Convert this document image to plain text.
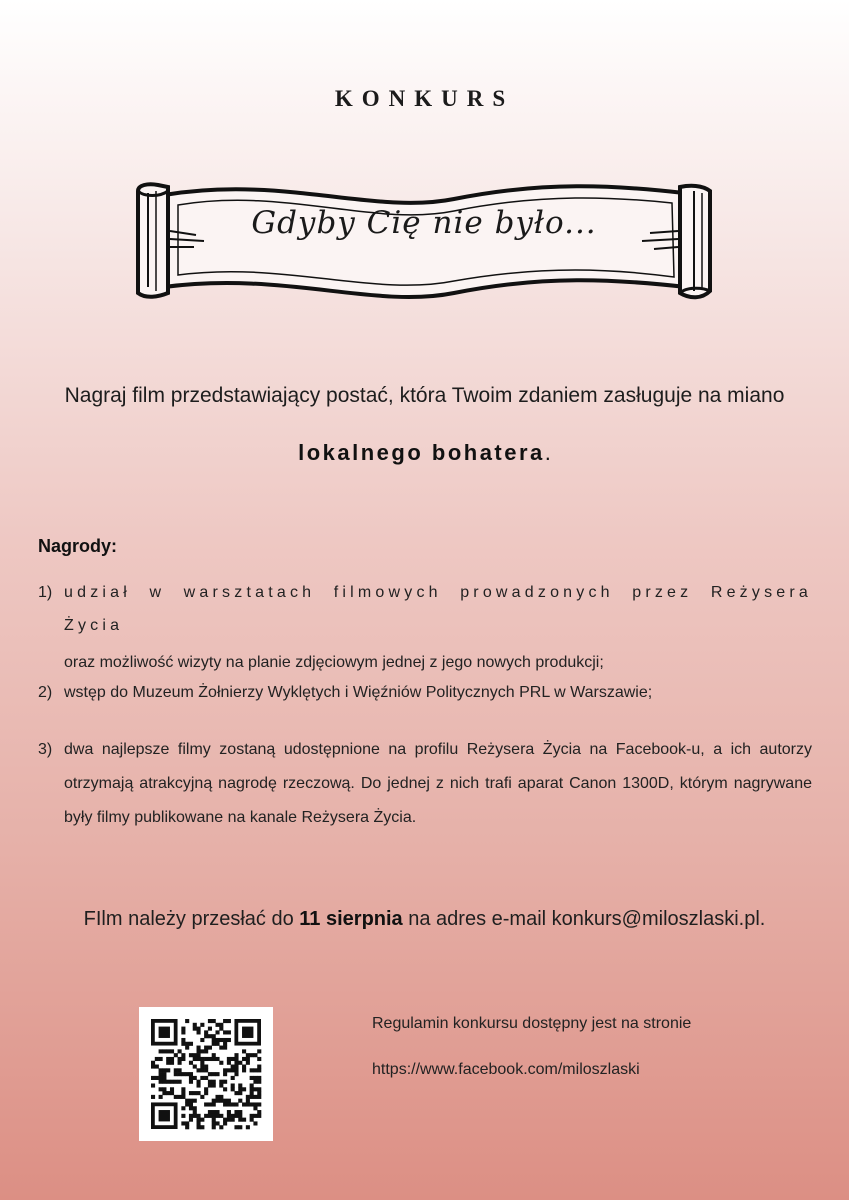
KONKURS
Gdyby Cię nie było...
Nagraj film przedstawiający postać, która Twoim zdaniem zasługuje na miano
lokalnego bohatera.
Nagrody:
1) udział w warsztatach filmowych prowadzonych przez Reżysera Życia
oraz możliwość wizyty na planie zdjęciowym jednej z jego nowych produkcji;
2) wstęp do Muzeum Żołnierzy Wyklętych i Więźniów Politycznych PRL w Warszawie;
3) dwa najlepsze filmy zostaną udostępnione na profilu Reżysera Życia na Facebook-u, a ich autorzy otrzymają atrakcyjną nagrodę rzeczową. Do jednej z nich trafi aparat Canon 1300D, którym nagrywane były filmy publikowane na kanale Reżysera Życia.
FIlm należy przesłać do 11 sierpnia na adres e-mail konkurs@miloszlaski.pl.
Regulamin konkursu dostępny jest na stronie
https://www.facebook.com/miloszlaski
